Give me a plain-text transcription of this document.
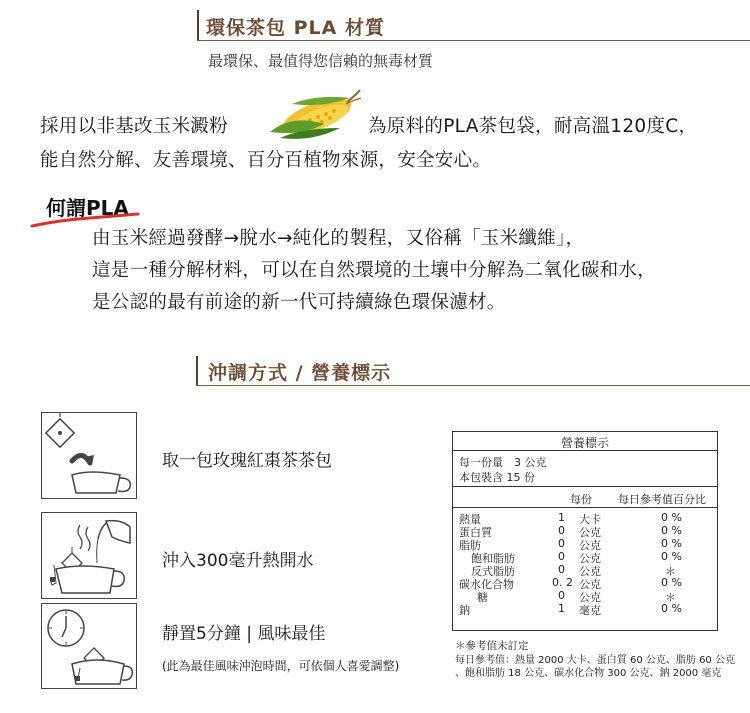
環保茶包 PLA 材質
最環保、最值得您信賴的無毒材質
採用以非基改玉米澱粉	為原料的PLA茶包袋，耐高溫120度C，
能自然分解、友善環境、百分百植物來源，安全安心。
何謂PLA
由玉米經過發酵→脫水→純化的製程，又俗稱「玉米纖維」，
這是一種分解材料，可以在自然環境的土壤中分解為二氧化碳和水，
是公認的最有前途的新一代可持續綠色環保濾材。
沖調方式 / 營養標示
取一包玫瑰紅棗茶茶包
沖入300毫升熱開水
靜置5分鐘 | 風味最佳
(此為最佳風味沖泡時間，可依個人喜愛調整)
營養標示
每一份量　3 公克
本包裝含 15 份
每份 每日參考值百分比
熱量	1 大卡	0 %
蛋白質	0 公克	0 %
脂肪	0 公克	0 %
飽和脂肪	0 公克	0 %
反式脂肪	0 公克	＊
碳水化合物	0. 2 公克	0 %
糖	0 公克	＊
鈉	1 毫克	0 %
＊參考值未訂定
每日參考值：熱量 2000 大卡、蛋白質 60 公克、脂肪 60 公克
、飽和脂肪 18 公克、碳水化合物 300 公克、鈉 2000 毫克
